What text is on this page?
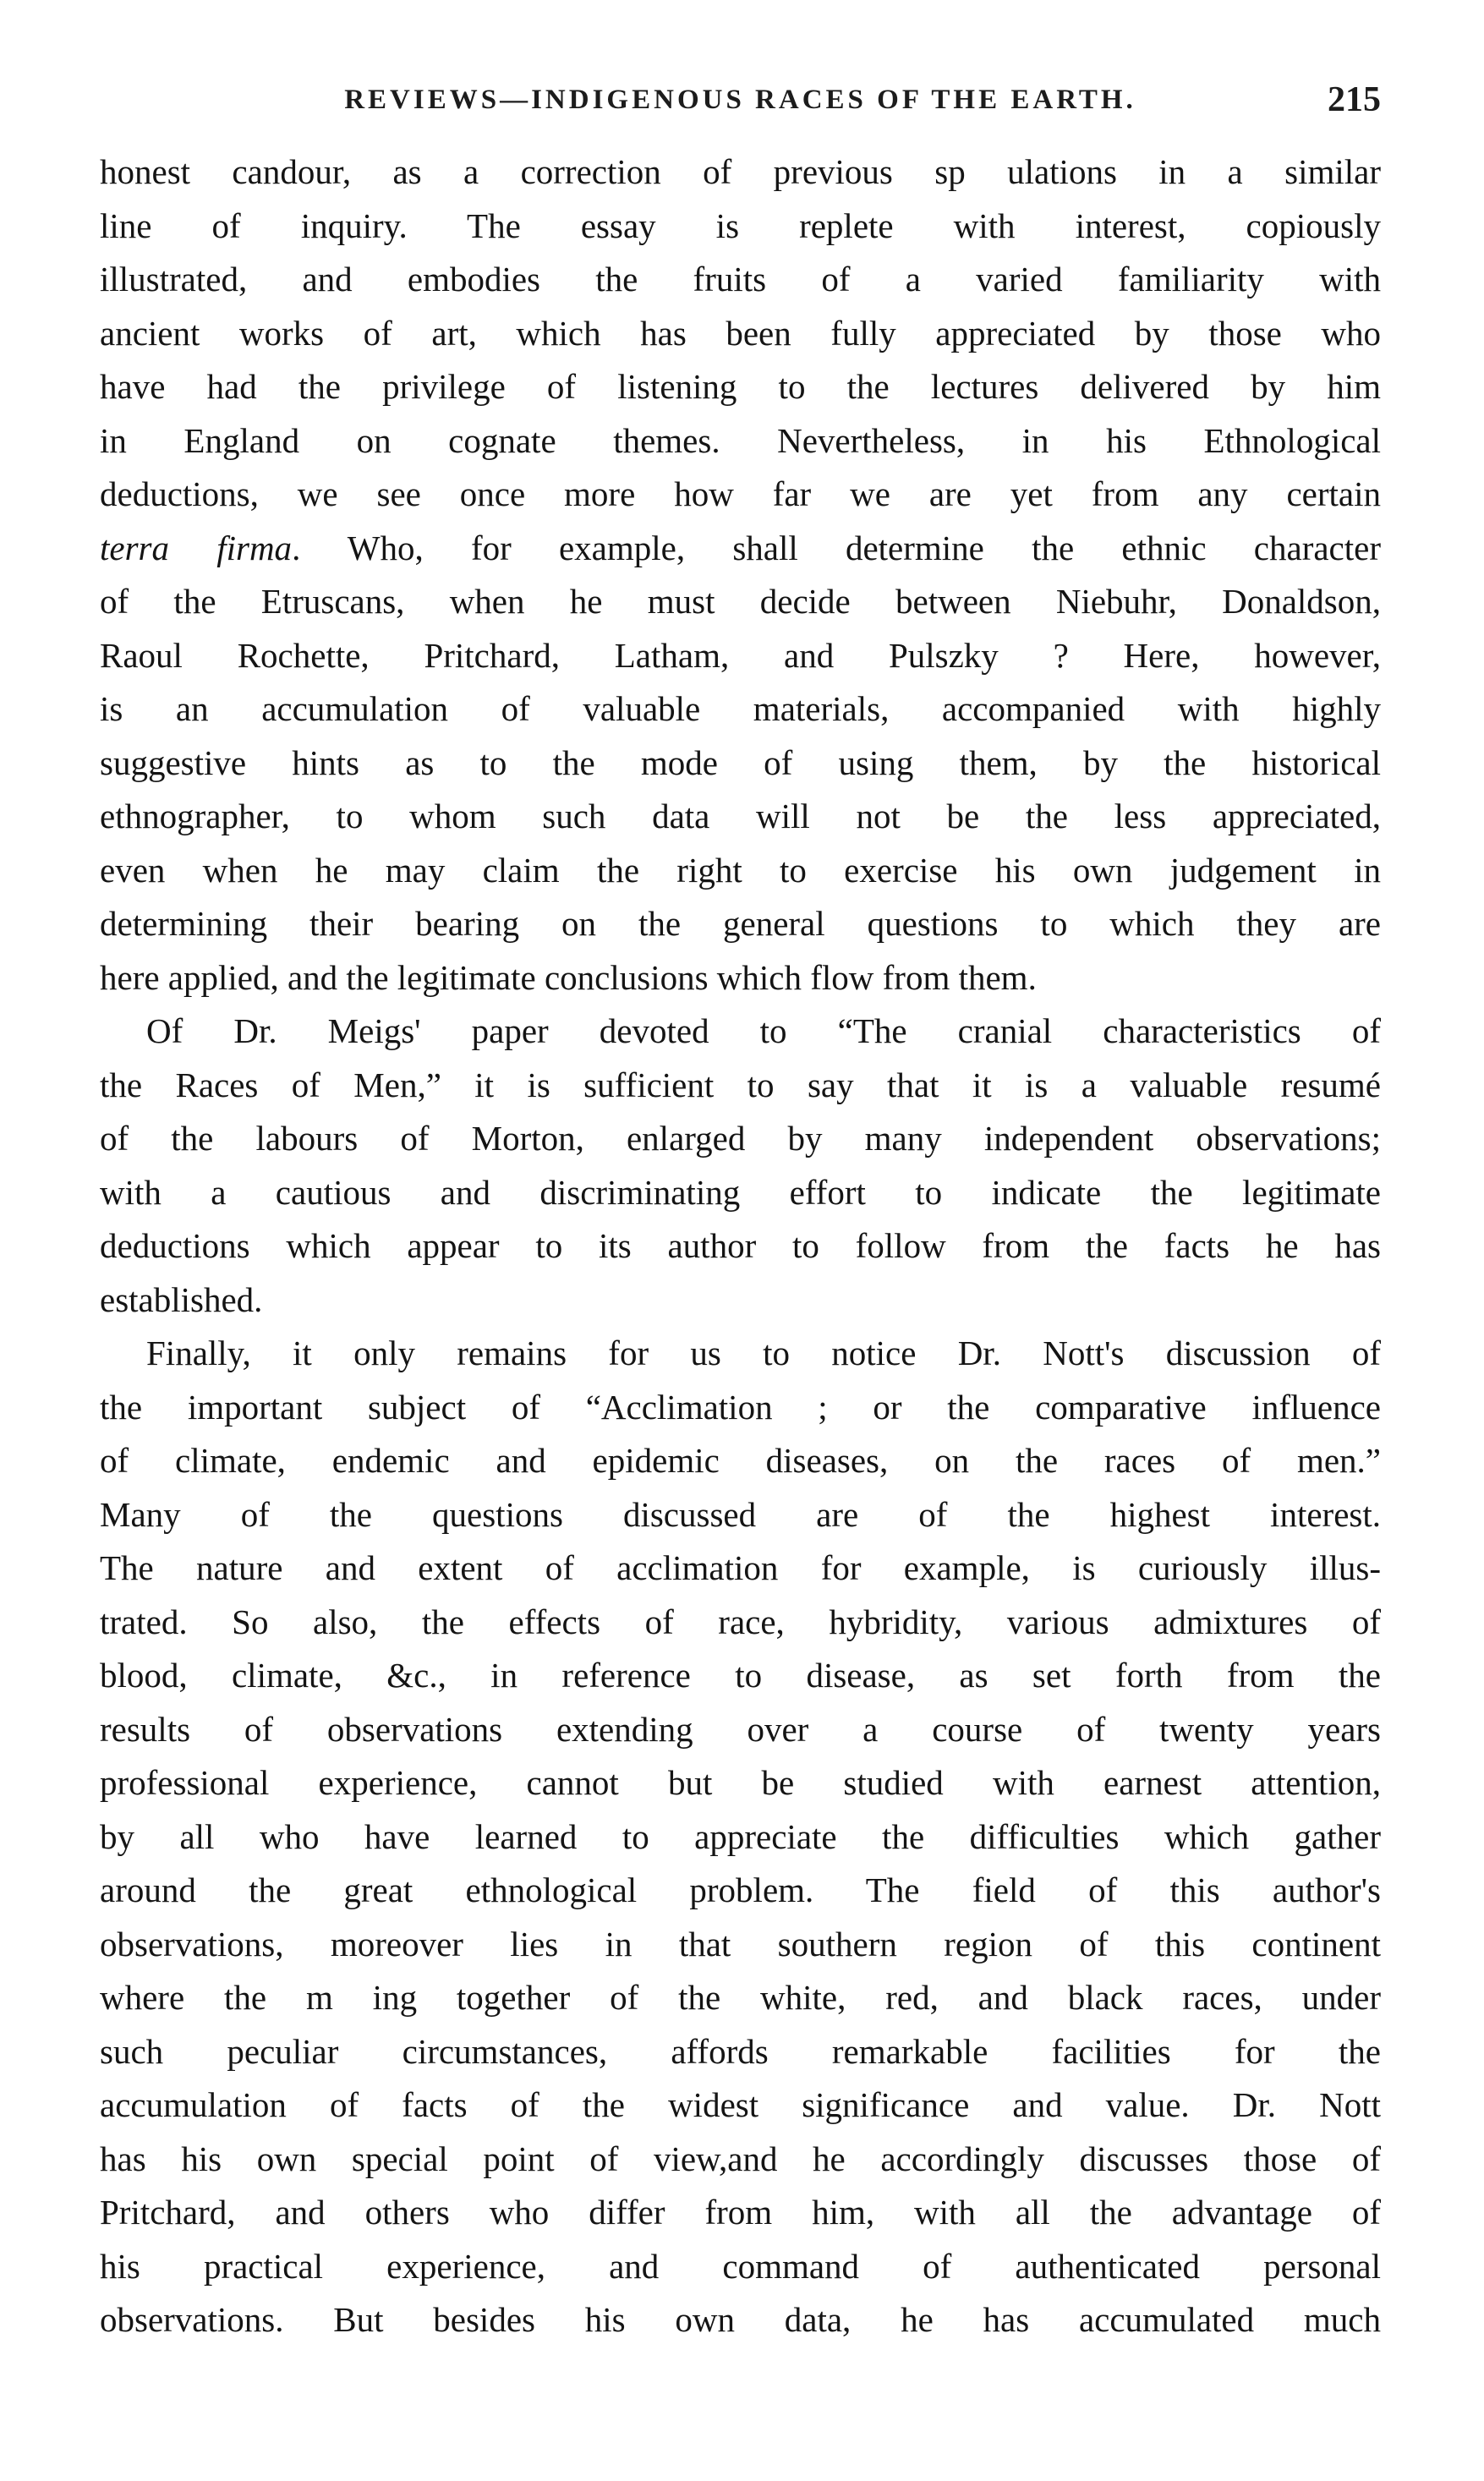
REVIEWS—INDIGENOUS RACES OF THE EARTH.	215
honest candour, as a correction of previous sp ulations in a similar
line of inquiry. The essay is replete with interest, copiously
illustrated, and embodies the fruits of a varied familiarity with
ancient works of art, which has been fully appreciated by those who
have had the privilege of listening to the lectures delivered by him
in England on cognate themes. Nevertheless, in his Ethnological
deductions, we see once more how far we are yet from any certain
terra firma. Who, for example, shall determine the ethnic character
of the Etruscans, when he must decide between Niebuhr, Donaldson,
Raoul Rochette, Pritchard, Latham, and Pulszky ? Here, however,
is an accumulation of valuable materials, accompanied with highly
suggestive hints as to the mode of using them, by the historical
ethnographer, to whom such data will not be the less appreciated,
even when he may claim the right to exercise his own judgement in
determining their bearing on the general questions to which they are
here applied, and the legitimate conclusions which flow from them.
Of Dr. Meigs' paper devoted to “The cranial characteristics of
the Races of Men,” it is sufficient to say that it is a valuable resumé
of the labours of Morton, enlarged by many independent observations;
with a cautious and discriminating effort to indicate the legitimate
deductions which appear to its author to follow from the facts he has
established.
Finally, it only remains for us to notice Dr. Nott's discussion of
the important subject of “Acclimation ; or the comparative influence
of climate, endemic and epidemic diseases, on the races of men.”
Many of the questions discussed are of the highest interest.
The nature and extent of acclimation for example, is curiously illus-
trated. So also, the effects of race, hybridity, various admixtures of
blood, climate, &c., in reference to disease, as set forth from the
results of observations extending over a course of twenty years
professional experience, cannot but be studied with earnest attention,
by all who have learned to appreciate the difficulties which gather
around the great ethnological problem. The field of this author's
observations, moreover lies in that southern region of this continent
where the m ing together of the white, red, and black races, under
such peculiar circumstances, affords remarkable facilities for the
accumulation of facts of the widest significance and value. Dr. Nott
has his own special point of view,and he accordingly discusses those of
Pritchard, and others who differ from him, with all the advantage of
his practical experience, and command of authenticated personal
observations. But besides his own data, he has accumulated much
